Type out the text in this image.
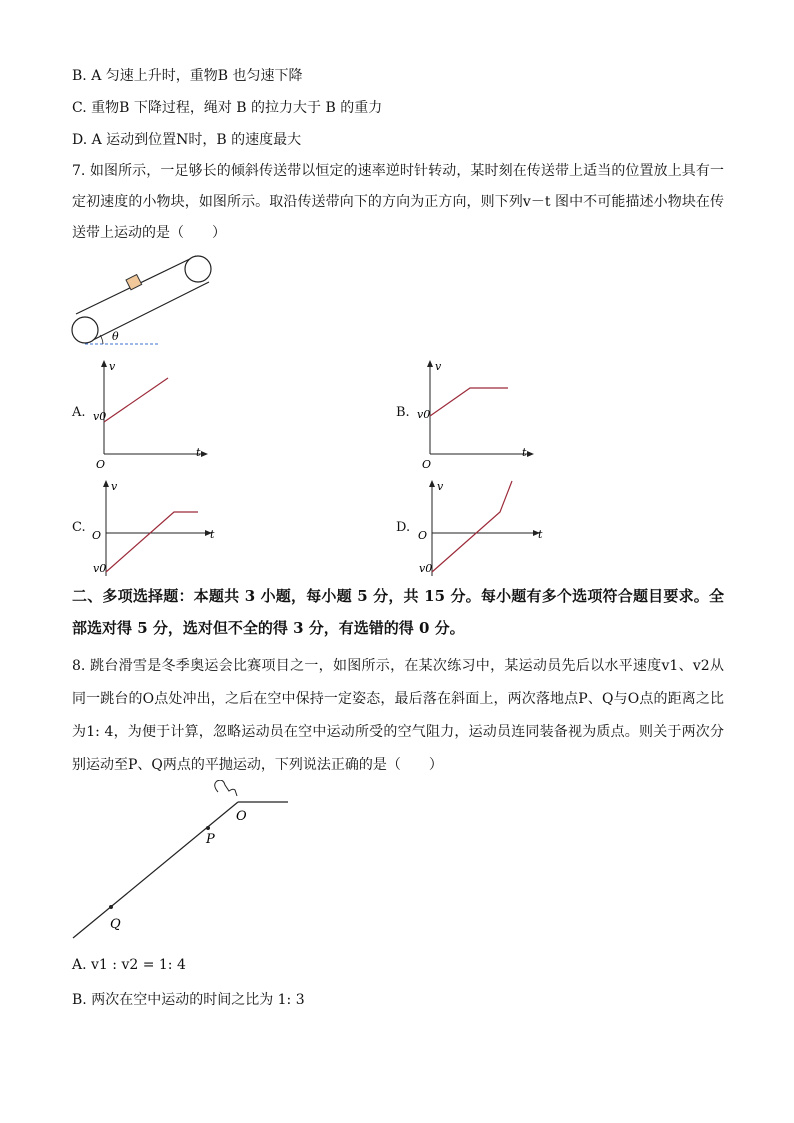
B. A 匀速上升时，重物B 也匀速下降
C. 重物B 下降过程，绳对 B 的拉力大于 B 的重力
D. A 运动到位置N时，B 的速度最大
7. 如图所示，一足够长的倾斜传送带以恒定的速率逆时针转动，某时刻在传送带上适当的位置放上具有一定初速度的小物块，如图所示。取沿传送带向下的方向为正方向，则下列v－t 图中不可能描述小物块在传送带上运动的是（　　）
θ
A.
v
v0
O
t
B.
v
v0
O
t
C.
v
v0
O	t	D.
v
v0
O	t
二、多项选择题：本题共 3 小题，每小题 5 分，共 15 分。每小题有多个选项符合题目要求。全部选对得 5 分，选对但不全的得 3 分，有选错的得 0 分。
8. 跳台滑雪是冬季奥运会比赛项目之一，如图所示，在某次练习中，某运动员先后以水平速度v1、v2从同一跳台的O点处冲出，之后在空中保持一定姿态，最后落在斜面上，两次落地点P、Q与O点的距离之比为1: 4，为便于计算，忽略运动员在空中运动所受的空气阻力，运动员连同装备视为质点。则关于两次分别运动至P、Q两点的平抛运动，下列说法正确的是（　　）
O
P
Q
A. v1 : v2 = 1: 4
B. 两次在空中运动的时间之比为 1: 3
